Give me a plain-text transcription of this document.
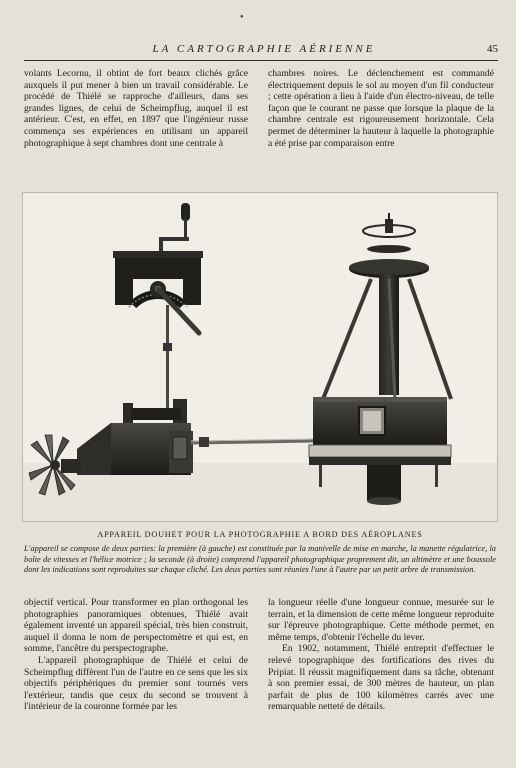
•
LA CARTOGRAPHIE AÉRIENNE	45

volants Lecornu, il obtint de fort beaux clichés grâce auxquels il put mener à bien un travail considérable. Le procédé de Thiélé se rapproche d'ailleurs, dans ses grandes lignes, de celui de Scheimpflug, auquel il est antérieur. C'est, en effet, en 1897 que l'ingénieur russe commença ses expériences en utilisant un appareil photographique à sept chambres dont une centrale à

chambres noires. Le déclenchement est commandé électriquement depuis le sol au moyen d'un fil conducteur ; cette opération a lieu à l'aide d'un électro-niveau, de telle façon que le courant ne passe que lorsque la plaque de la chambre centrale est rigoureusement horizontale. Cela permet de déterminer la hauteur à laquelle la photographie a été prise par comparaison entre

APPAREIL DOUHET POUR LA PHOTOGRAPHIE A BORD DES AÉROPLANES
L'appareil se compose de deux parties: la première (à gauche) est constituée par la manivelle de mise en marche, la manette régulatrice, la boîte de vitesses et l'hélice motrice ; la seconde (à droite) comprend l'appareil photographique proprement dit, un altimètre et une boussole dont les indications sont reproduites sur chaque cliché. Les deux parties sont réunies l'une à l'autre par un petit arbre de transmission.

objectif vertical. Pour transformer en plan orthogonal les photographies panoramiques obtenues, Thiélé avait également inventé un appareil spécial, très bien construit, auquel il donna le nom de perspectomètre et qui est, en somme, l'ancêtre du perspectographe.

L'appareil photographique de Thiélé et celui de Scheimpflug diffèrent l'un de l'autre en ce sens que les six objectifs périphériques du premier sont tournés vers l'extérieur, tandis que ceux du second se trouvent à l'intérieur de la couronne formée par les

la longueur réelle d'une longueur connue, mesurée sur le terrain, et la dimension de cette même longueur reproduite sur l'épreuve photographique. Cette méthode permet, en même temps, d'obtenir l'échelle du lever.

En 1902, notamment, Thiélé entreprit d'effectuer le relevé topographique des fortifications des rives du Pripiat. Il réussit magnifiquement dans sa tâche, obtenant à son premier essai, de 300 mètres de hauteur, un plan parfait de plus de 100 kilomètres carrés avec une remarquable netteté de détails.
